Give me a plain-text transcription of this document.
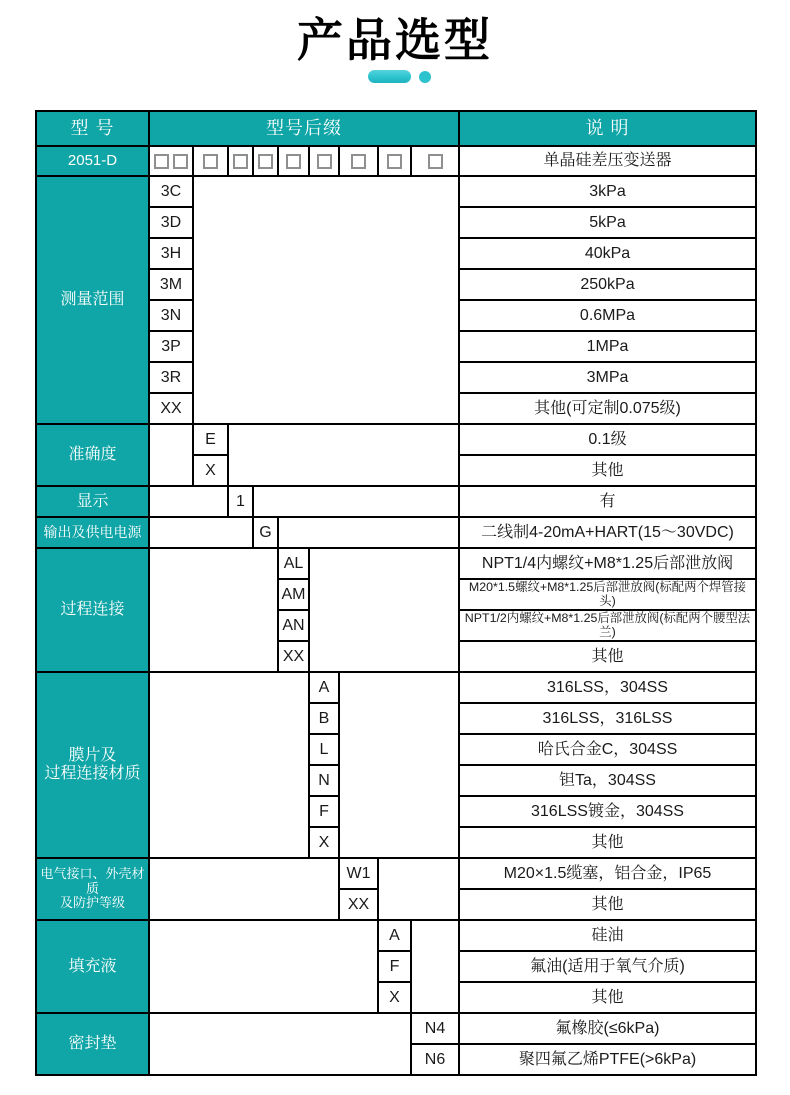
产品选型
型 号	型号后缀	说 明
2051-D	单晶硅差压变送器
测量范围
3C	3kPa
3D	5kPa
3H	40kPa
3M	250kPa
3N	0.6MPa
3P	1MPa
3R	3MPa
XX	其他(可定制0.075级)
准确度
E	0.1级
X	其他
显示	1	有
输出及供电电源	G	二线制4-20mA+HART(15～30VDC)
过程连接
AL	NPT1/4内螺纹+M8*1.25后部泄放阀
AM	M20*1.5螺纹+M8*1.25后部泄放阀(标配两个焊管接头)
AN	NPT1/2内螺纹+M8*1.25后部泄放阀(标配两个腰型法兰)
XX	其他
膜片及
过程连接材质
A	316LSS，304SS
B	316LSS，316LSS
L	哈氏合金C，304SS
N	钽Ta，304SS
F	316LSS镀金，304SS
X	其他
电气接口、外壳材质
及防护等级
W1	M20×1.5缆塞，铝合金，IP65
XX	其他
填充液
A	硅油
F	氟油(适用于氧气介质)
X	其他
密封垫
N4	氟橡胶(≤6kPa)
N6	聚四氟乙烯PTFE(>6kPa)
